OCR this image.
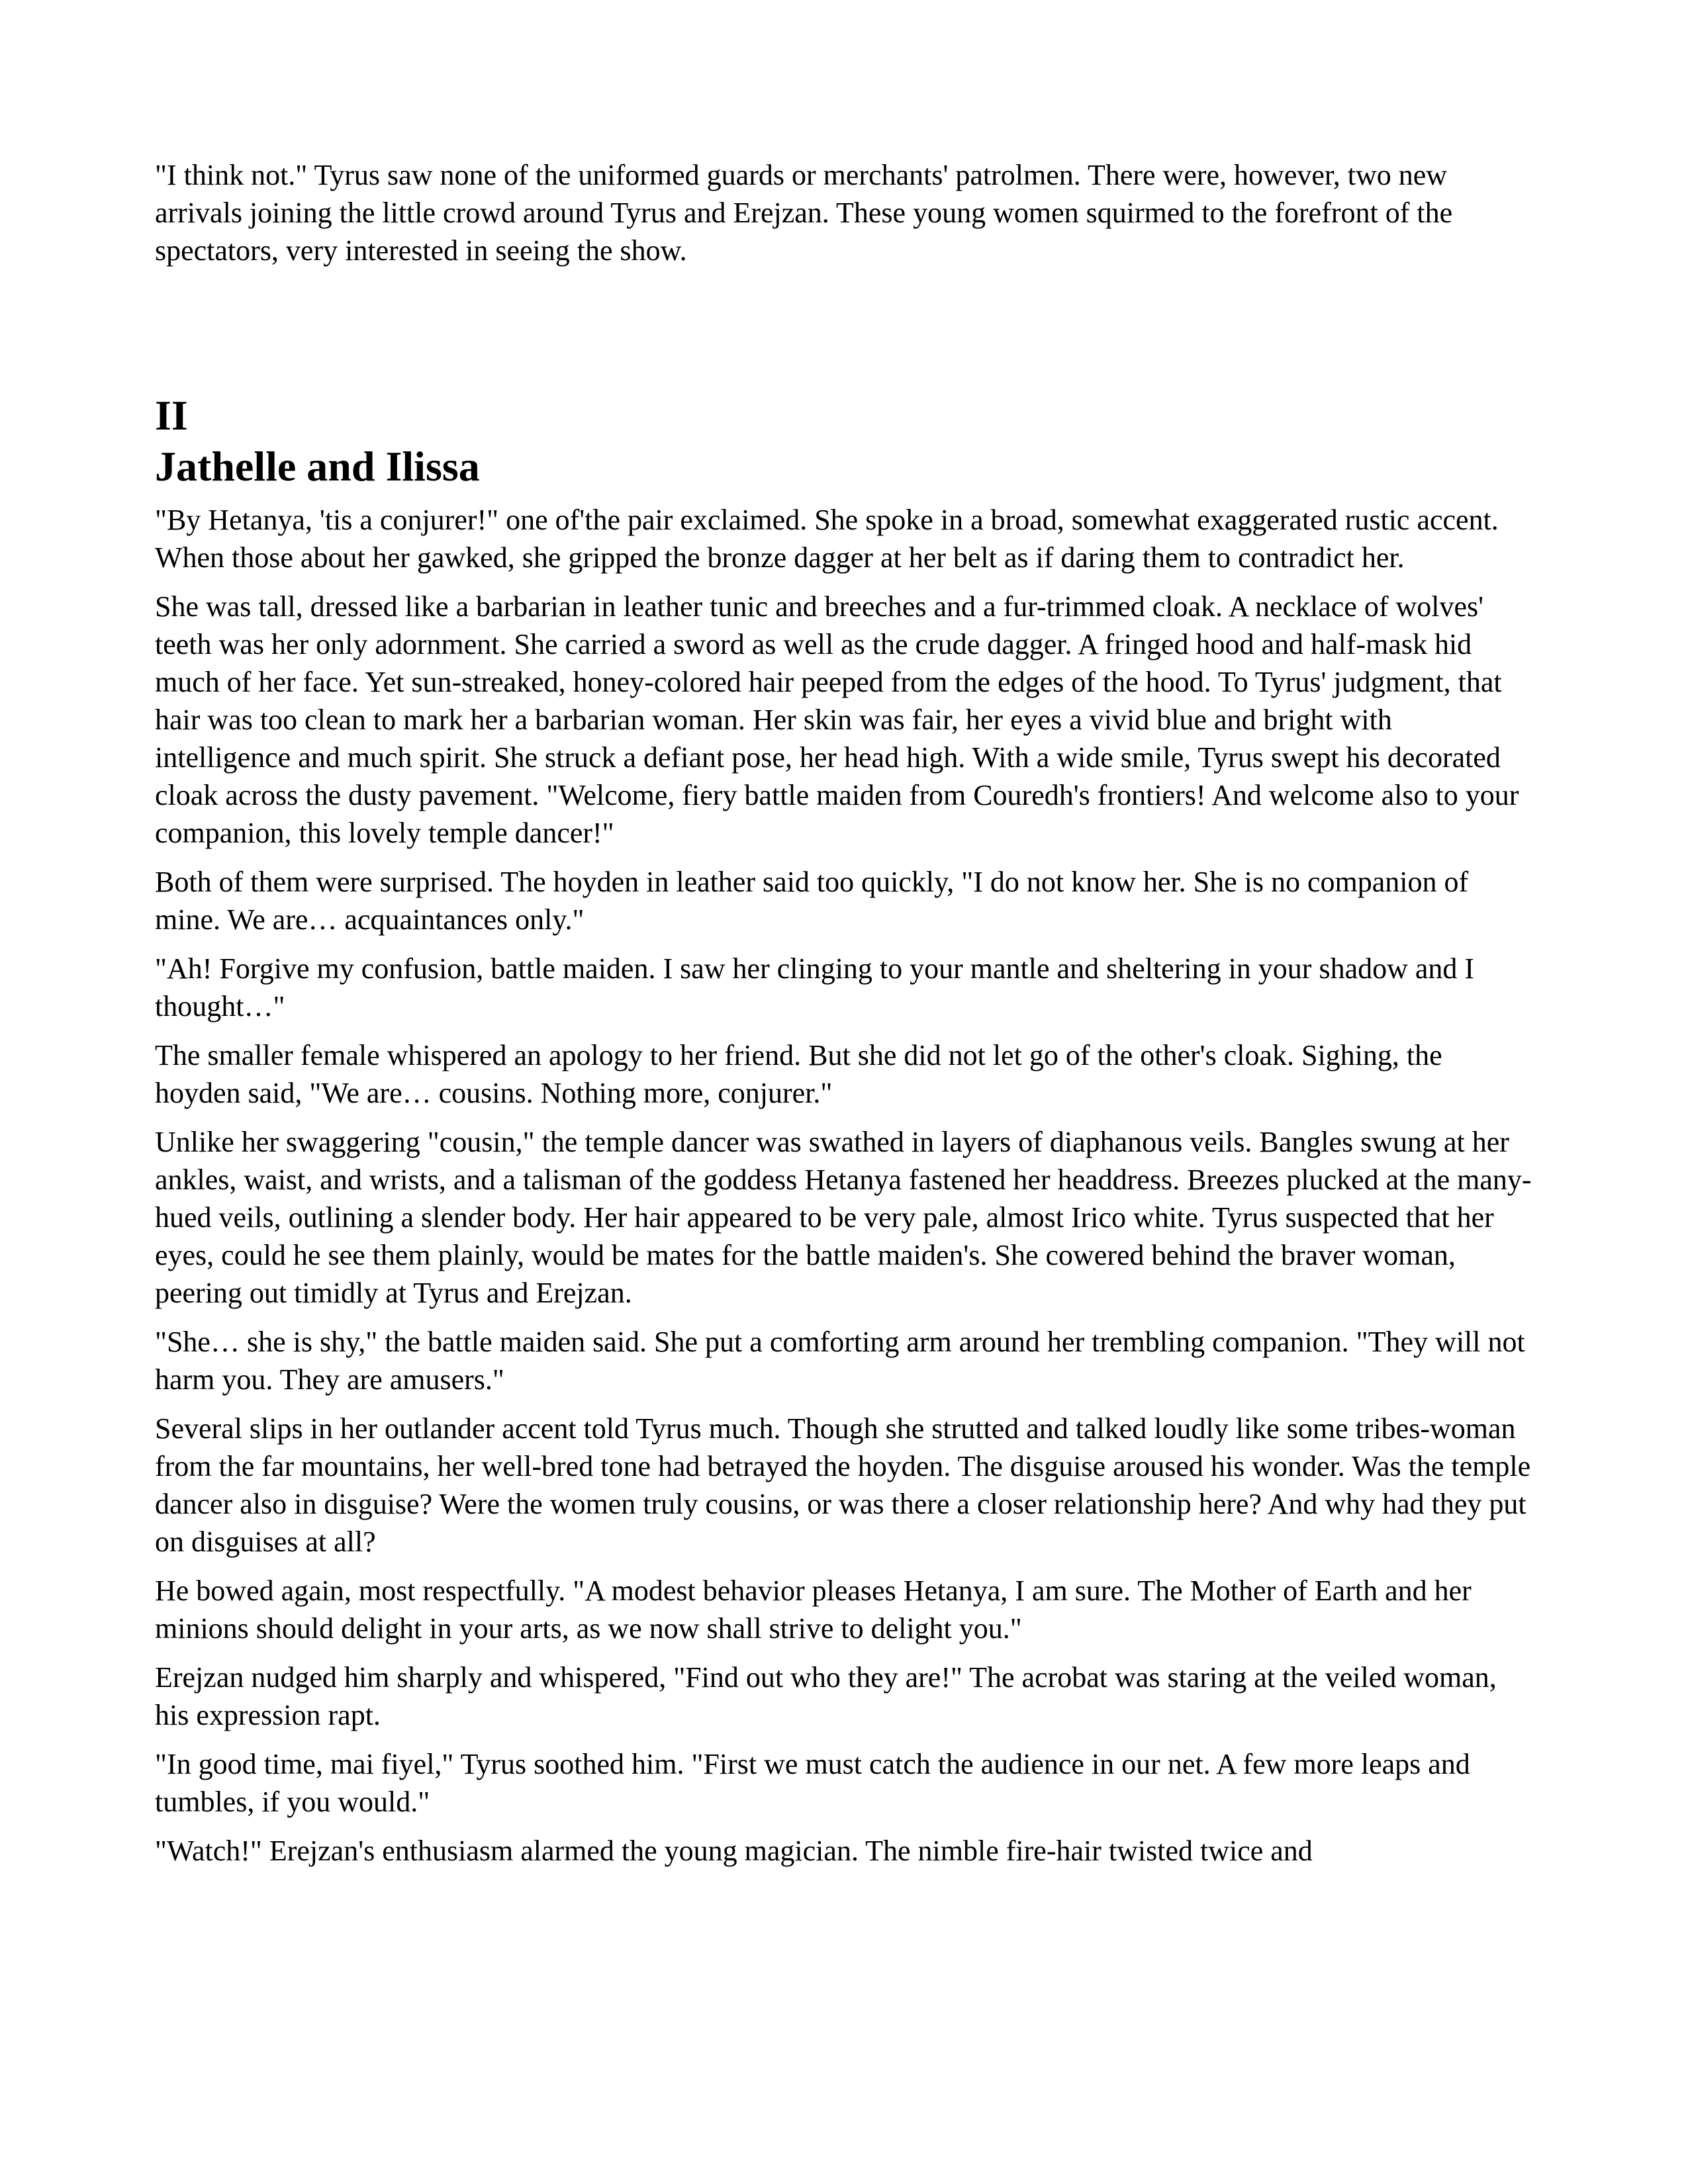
"I think not." Tyrus saw none of the uniformed guards or merchants' patrolmen. There were, however, two new arrivals joining the little crowd around Tyrus and Erejzan. These young women squirmed to the forefront of the spectators, very interested in seeing the show.

II
Jathelle and Ilissa

"By Hetanya, 'tis a conjurer!" one of'the pair exclaimed. She spoke in a broad, somewhat exaggerated rustic accent. When those about her gawked, she gripped the bronze dagger at her belt as if daring them to contradict her.

She was tall, dressed like a barbarian in leather tunic and breeches and a fur-trimmed cloak. A necklace of wolves' teeth was her only adornment. She carried a sword as well as the crude dagger. A fringed hood and half-mask hid much of her face. Yet sun-streaked, honey-colored hair peeped from the edges of the hood. To Tyrus' judgment, that hair was too clean to mark her a barbarian woman. Her skin was fair, her eyes a vivid blue and bright with intelligence and much spirit. She struck a defiant pose, her head high. With a wide smile, Tyrus swept his decorated cloak across the dusty pavement. "Welcome, fiery battle maiden from Couredh's frontiers! And welcome also to your companion, this lovely temple dancer!"

Both of them were surprised. The hoyden in leather said too quickly, "I do not know her. She is no companion of mine. We are… acquaintances only."

"Ah! Forgive my confusion, battle maiden. I saw her clinging to your mantle and sheltering in your shadow and I thought…"

The smaller female whispered an apology to her friend. But she did not let go of the other's cloak. Sighing, the hoyden said, "We are… cousins. Nothing more, conjurer."

Unlike her swaggering "cousin," the temple dancer was swathed in layers of diaphanous veils. Bangles swung at her ankles, waist, and wrists, and a talisman of the goddess Hetanya fastened her headdress. Breezes plucked at the many-hued veils, outlining a slender body. Her hair appeared to be very pale, almost Irico white. Tyrus suspected that her eyes, could he see them plainly, would be mates for the battle maiden's. She cowered behind the braver woman, peering out timidly at Tyrus and Erejzan.

"She… she is shy," the battle maiden said. She put a comforting arm around her trembling companion. "They will not harm you. They are amusers."

Several slips in her outlander accent told Tyrus much. Though she strutted and talked loudly like some tribes-woman from the far mountains, her well-bred tone had betrayed the hoyden. The disguise aroused his wonder. Was the temple dancer also in disguise? Were the women truly cousins, or was there a closer relationship here? And why had they put on disguises at all?

He bowed again, most respectfully. "A modest behavior pleases Hetanya, I am sure. The Mother of Earth and her minions should delight in your arts, as we now shall strive to delight you."

Erejzan nudged him sharply and whispered, "Find out who they are!" The acrobat was staring at the veiled woman, his expression rapt.

"In good time, mai fiyel," Tyrus soothed him. "First we must catch the audience in our net. A few more leaps and tumbles, if you would."

"Watch!" Erejzan's enthusiasm alarmed the young magician. The nimble fire-hair twisted twice and
